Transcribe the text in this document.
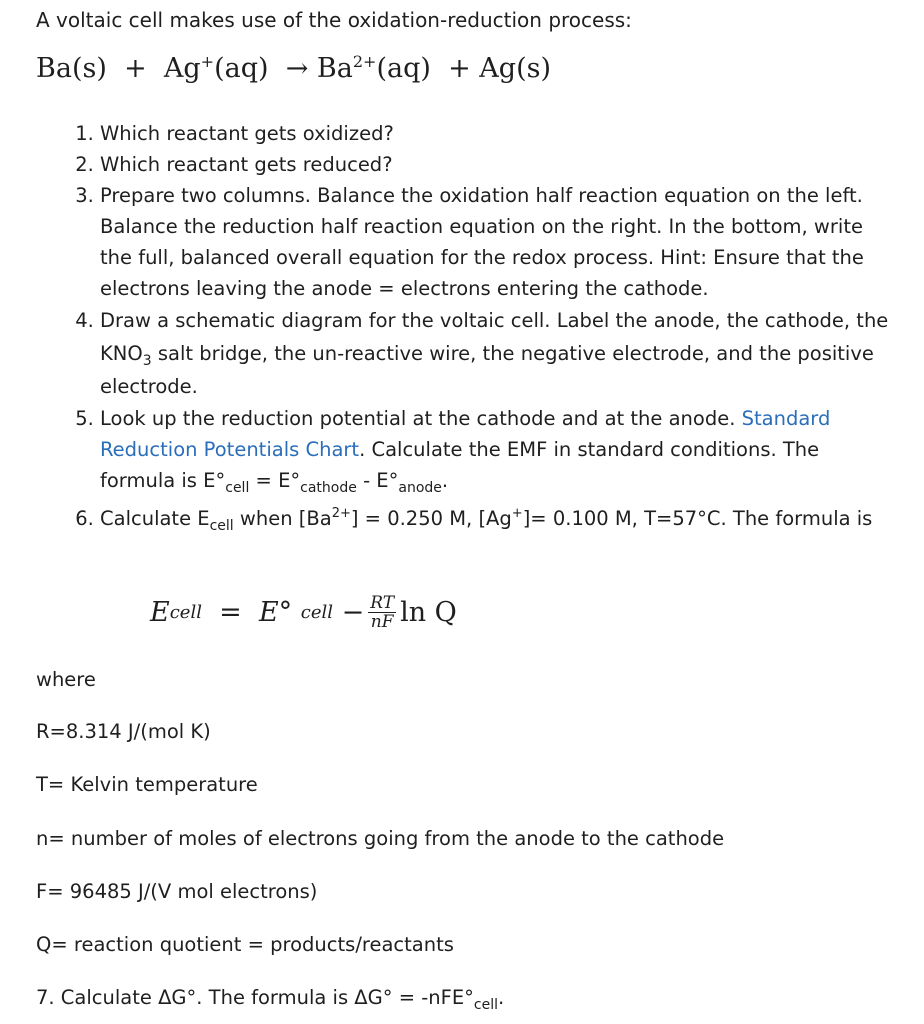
A voltaic cell makes use of the oxidation-reduction process:
$Ba(s) + Ag^+(aq) \to Ba^{2+}(aq) + Ag(s)$
1. Which reactant gets oxidized?
2. Which reactant gets reduced?
3. Prepare two columns. Balance the oxidation half reaction equation on the left. Balance the reduction half reaction equation on the right. In the bottom, write the full, balanced overall equation for the redox process. Hint: Ensure that the electrons leaving the anode = electrons entering the cathode.
4. Draw a schematic diagram for the voltaic cell. Label the anode, the cathode, the $KNO_3$ salt bridge, the un-reactive wire, the negative electrode, and the positive electrode.
5. Look up the reduction potential at the cathode and at the anode. Standard Reduction Potentials Chart. Calculate the EMF in standard conditions. The formula is $E^\circ_{cell} = E^\circ_{cathode} - E^\circ_{anode}$.
6. Calculate $E_{cell}$ when $[Ba^{2+}] = 0.250$ M, [Ag+]= 0.100 M, T=57°C. The formula is
E cell
=
E°
cell
− $\frac{RT}{nF}$ ln Q
where
R=8.314 J/(mol K)
T= Kelvin temperature
n= number of moles of electrons going from the anode to the cathode
F= 96485 J/(V mol electrons)
Q= reaction quotient = products/reactants
7. Calculate ΔG°. The formula is $\Delta G^\circ = -nFE^\circ_{cell}$.
